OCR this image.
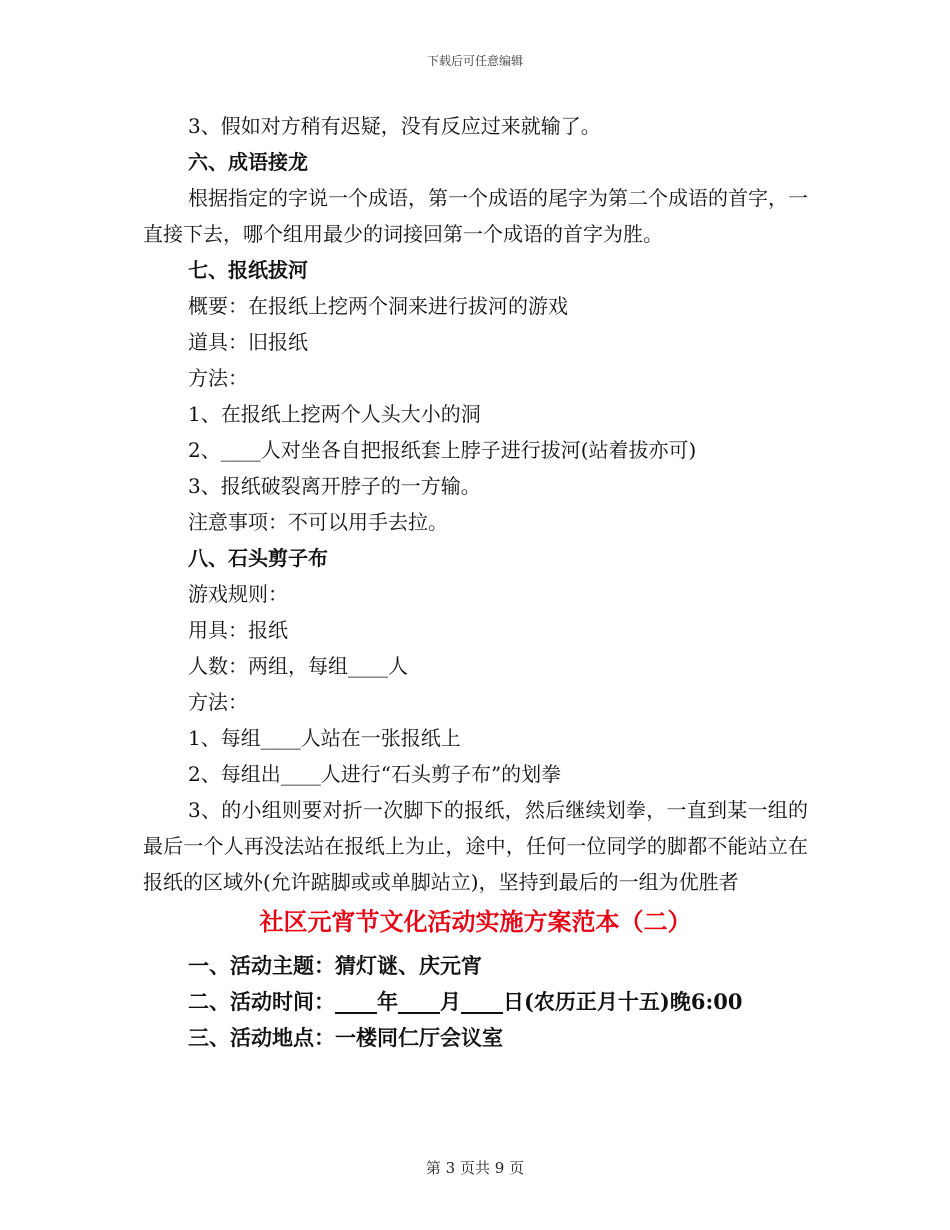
下载后可任意编辑

3、假如对方稍有迟疑，没有反应过来就输了。

六、成语接龙

根据指定的字说一个成语，第一个成语的尾字为第二个成语的首字，一直接下去，哪个组用最少的词接回第一个成语的首字为胜。

七、报纸拔河

概要：在报纸上挖两个洞来进行拔河的游戏

道具：旧报纸

方法：

1、在报纸上挖两个人头大小的洞

2、____人对坐各自把报纸套上脖子进行拔河(站着拔亦可)

3、报纸破裂离开脖子的一方输。

注意事项：不可以用手去拉。

八、石头剪子布

游戏规则：

用具：报纸

人数：两组，每组____人

方法：

1、每组____人站在一张报纸上

2、每组出____人进行“石头剪子布”的划拳

3、的小组则要对折一次脚下的报纸，然后继续划拳，一直到某一组的最后一个人再没法站在报纸上为止，途中，任何一位同学的脚都不能站立在报纸的区域外(允许踮脚或或单脚站立)，坚持到最后的一组为优胜者

社区元宵节文化活动实施方案范本（二）

一、活动主题：猜灯谜、庆元宵

二、活动时间：____年____月____日(农历正月十五)晚6:00

三、活动地点：一楼同仁厅会议室

第 3 页共 9 页
